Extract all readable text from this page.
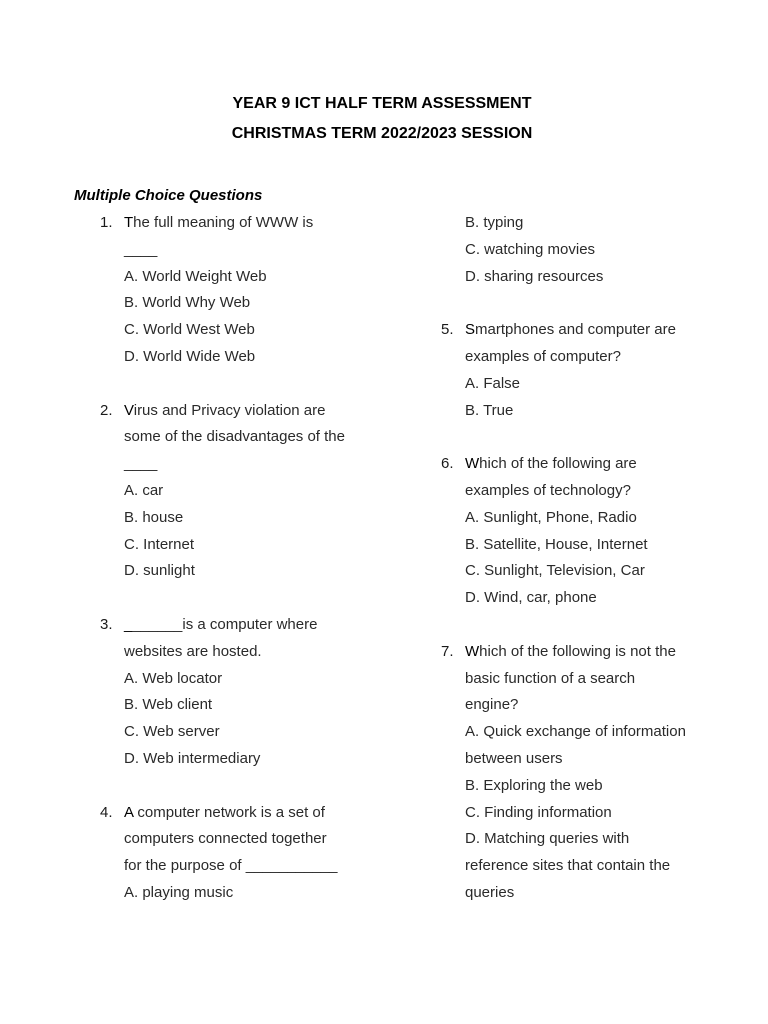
YEAR 9 ICT HALF TERM ASSESSMENT
CHRISTMAS TERM 2022/2023 SESSION
Multiple Choice Questions
1. The full meaning of WWW is
____
A. World Weight Web
B. World Why Web
C. World West Web
D. World Wide Web
2. Virus and Privacy violation are
some of the disadvantages of the
____
A. car
B. house
C. Internet
D. sunlight
3. _______is a computer where
websites are hosted.
A. Web locator
B. Web client
C. Web server
D. Web intermediary
4. A computer network is a set of
computers connected together
for the purpose of ___________
A. playing music
B. typing
C. watching movies
D. sharing resources
5. Smartphones and computer are
examples of computer?
A. False
B. True
6. Which of the following are
examples of technology?
A. Sunlight, Phone, Radio
B. Satellite, House, Internet
C. Sunlight, Television, Car
D. Wind, car, phone
7. Which of the following is not the
basic function of a search
engine?
A. Quick exchange of information
between users
B. Exploring the web
C. Finding information
D. Matching queries with
reference sites that contain the
queries
